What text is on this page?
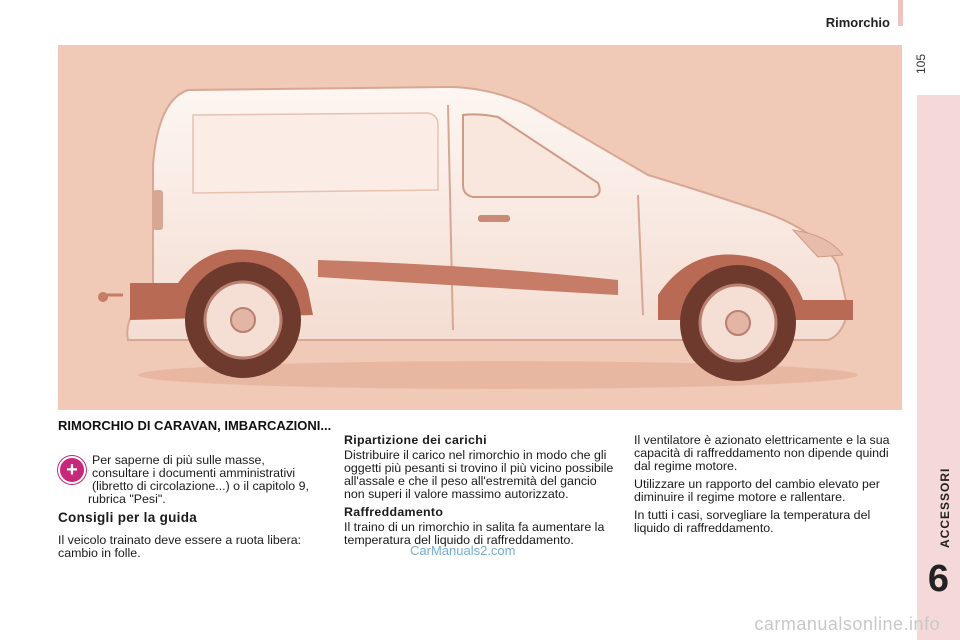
Rimorchio
105
ACCESSORI
6
RIMORCHIO DI CARAVAN, IMBARCAZIONI...
+	Per saperne di più sulle masse, consultare i documenti amministrativi (libretto di circolazione...) o il capitolo 9, rubrica "Pesi".

Consigli per la guida

Il veicolo trainato deve essere a ruota libera: cambio in folle.

Ripartizione dei carichi

Distribuire il carico nel rimorchio in modo che gli oggetti più pesanti si trovino il più vicino possibile all'assale e che il peso all'estremità del gancio non superi il valore massimo autorizzato.

Raffreddamento

Il traino di un rimorchio in salita fa aumentare la temperatura del liquido di raffreddamento.

Il ventilatore è azionato elettricamente e la sua capacità di raffreddamento non dipende quindi dal regime motore.

Utilizzare un rapporto del cambio elevato per diminuire il regime motore e rallentare.

In tutti i casi, sorvegliare la temperatura del liquido di raffreddamento.

CarManuals2.com
carmanualsonline.info
